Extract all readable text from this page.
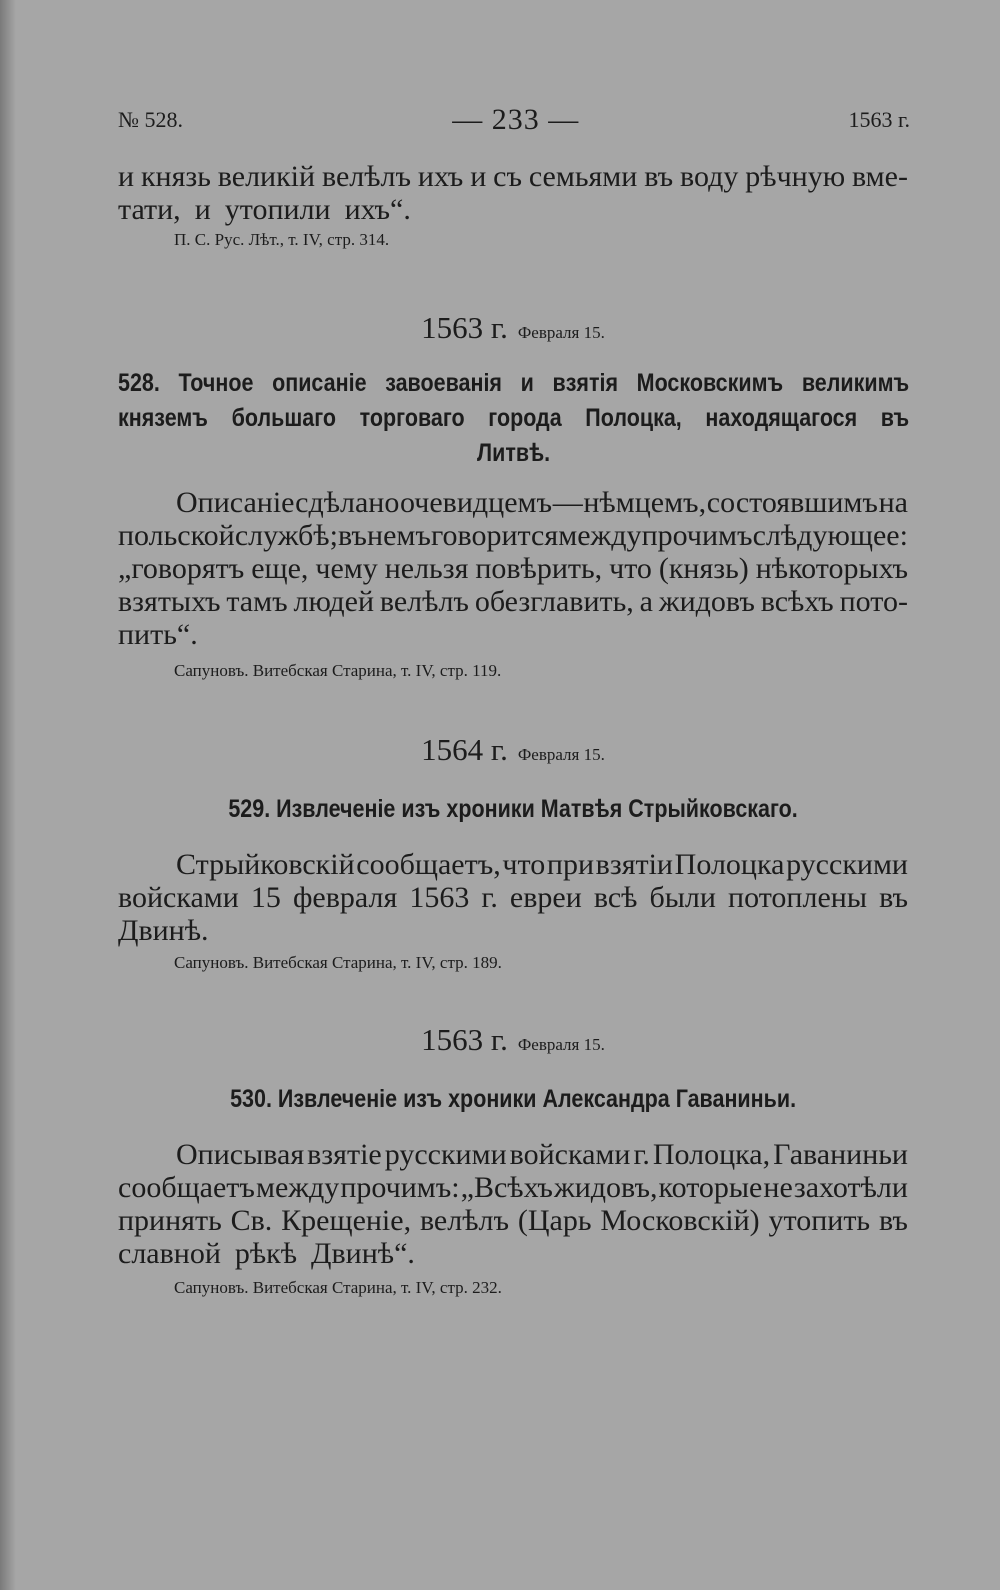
№ 528.	— 233 —	1563 г.
и князь великій велѣлъ ихъ и съ семьями въ воду рѣчную вме-
тати, и утопили ихъ“.
П. С. Рус. Лѣт., т. IV, стр. 314.
1563 г. Февраля 15.
528. Точное описаніе завоеванія и взятія Московскимъ великимъ
княземъ большаго торговаго города Полоцка, находящагося въ
Литвѣ.
Описаніе сдѣлано очевидцемъ — нѣмцемъ, состоявшимъ на
польской службѣ; въ немъ говорится между прочимъ слѣдующее:
„говорятъ еще, чему нельзя повѣрить, что (князь) нѣкоторыхъ
взятыхъ тамъ людей велѣлъ обезглавить, а жидовъ всѣхъ пото-
пить“.
Сапуновъ. Витебская Старина, т. IV, стр. 119.
1564 г. Февраля 15.
529. Извлеченіе изъ хроники Матвѣя Стрыйковскаго.
Стрыйковскій сообщаетъ, что при взятіи Полоцка русскими
войсками 15 февраля 1563 г. евреи всѣ были потоплены въ
Двинѣ.
Сапуновъ. Витебская Старина, т. IV, стр. 189.
1563 г. Февраля 15.
530. Извлеченіе изъ хроники Александра Гаваниньи.
Описывая взятіе русскими войсками г. Полоцка, Гаваниньи
сообщаетъ между прочимъ: „Всѣхъ жидовъ, которые не захотѣли
принять Св. Крещеніе, велѣлъ (Царь Московскій) утопить въ
славной рѣкѣ Двинѣ“.
Сапуновъ. Витебская Старина, т. IV, стр. 232.
